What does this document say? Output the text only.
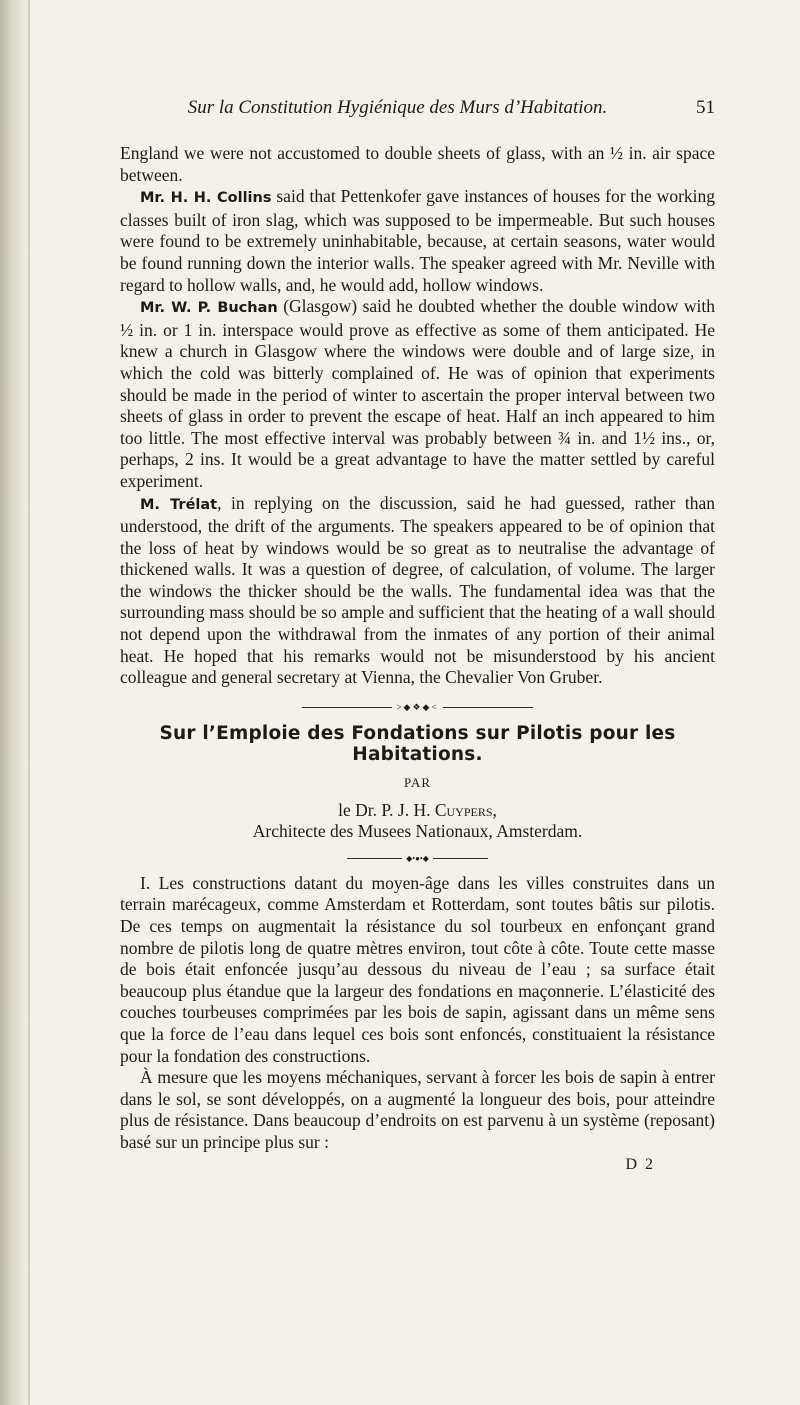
Sur la Constitution Hygiénique des Murs d’Habitation.	51

England we were not accustomed to double sheets of glass, with an ½ in. air space between.

Mr. H. H. Collins said that Pettenkofer gave instances of houses for the working classes built of iron slag, which was supposed to be impermeable. But such houses were found to be extremely uninhabitable, because, at certain seasons, water would be found running down the interior walls. The speaker agreed with Mr. Neville with regard to hollow walls, and, he would add, hollow windows.

Mr. W. P. Buchan (Glasgow) said he doubted whether the double window with ½ in. or 1 in. interspace would prove as effective as some of them anticipated. He knew a church in Glasgow where the windows were double and of large size, in which the cold was bitterly complained of. He was of opinion that experiments should be made in the period of winter to ascertain the proper interval between two sheets of glass in order to prevent the escape of heat. Half an inch appeared to him too little. The most effective interval was probably between ¾ in. and 1½ ins., or, perhaps, 2 ins. It would be a great advantage to have the matter settled by careful experiment.

M. Trélat, in replying on the discussion, said he had guessed, rather than understood, the drift of the arguments. The speakers appeared to be of opinion that the loss of heat by windows would be so great as to neutralise the advantage of thickened walls. It was a question of degree, of calculation, of volume. The larger the windows the thicker should be the walls. The fundamental idea was that the surrounding mass should be so ample and sufficient that the heating of a wall should not depend upon the withdrawal from the inmates of any portion of their animal heat. He hoped that his remarks would not be misunderstood by his ancient colleague and general secretary at Vienna, the Chevalier Von Gruber.

>◆❖◆<
Sur l’Emploie des Fondations sur Pilotis pour les Habitations.
PAR

le Dr. P. J. H. Cuypers,

Architecte des Musees Nationaux, Amsterdam.

◆•●•◆

I. Les constructions datant du moyen-âge dans les villes construites dans un terrain marécageux, comme Amsterdam et Rotterdam, sont toutes bâtis sur pilotis. De ces temps on augmentait la résistance du sol tourbeux en enfonçant grand nombre de pilotis long de quatre mètres environ, tout côte à côte. Toute cette masse de bois était enfoncée jusqu’au dessous du niveau de l’eau ; sa surface était beaucoup plus étandue que la largeur des fondations en maçonnerie. L’élasticité des couches tourbeuses comprimées par les bois de sapin, agissant dans un même sens que la force de l’eau dans lequel ces bois sont enfoncés, constituaient la résistance pour la fondation des constructions.

À mesure que les moyens méchaniques, servant à forcer les bois de sapin à entrer dans le sol, se sont développés, on a augmenté la longueur des bois, pour atteindre plus de résistance. Dans beaucoup d’endroits on est parvenu à un système (reposant) basé sur un principe plus sur :

D 2
